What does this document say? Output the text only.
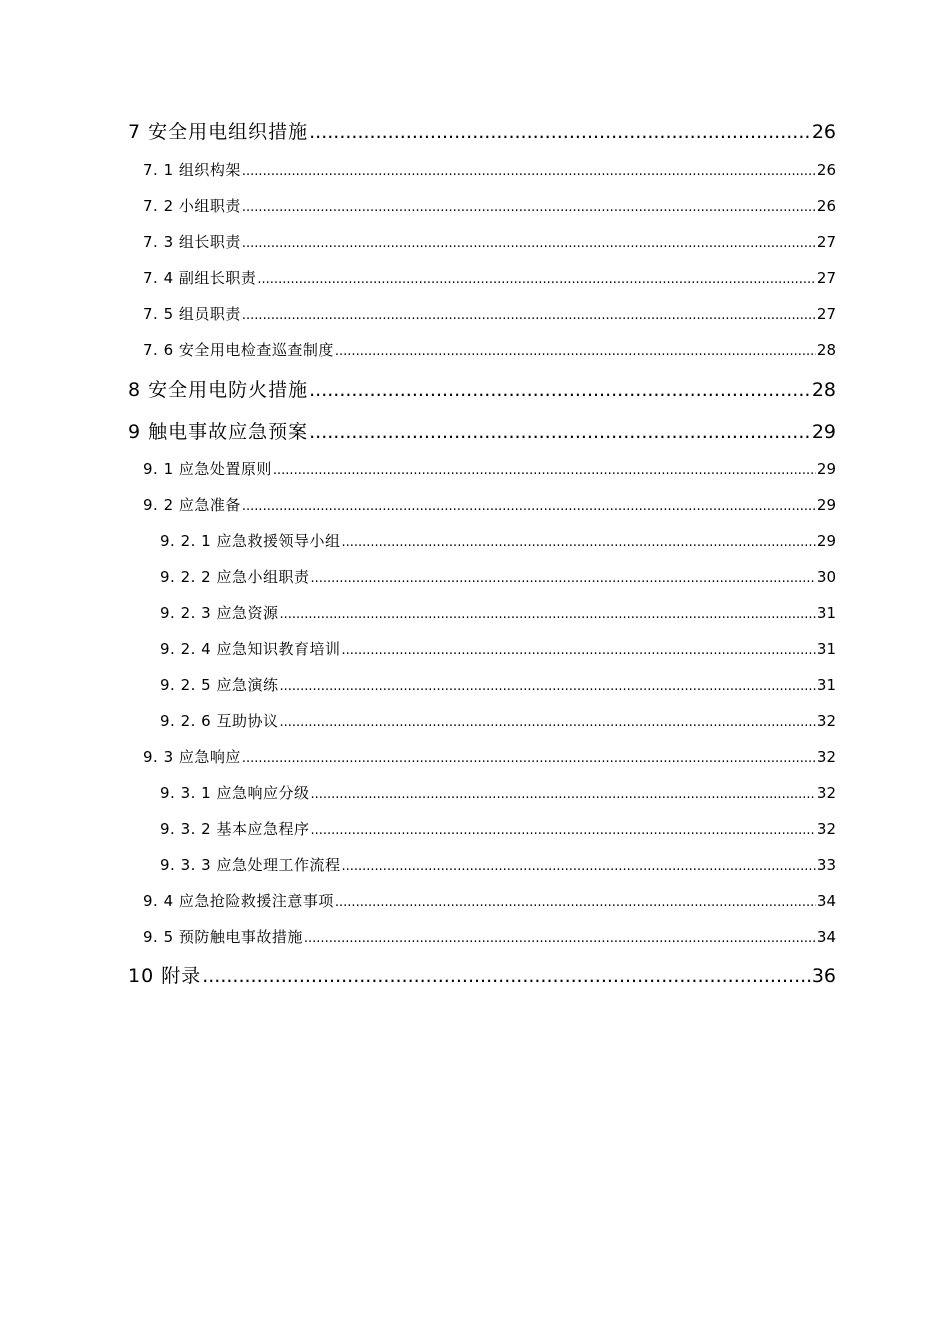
7 安全用电组织措施 .....	26
7. 1 组织构架 .....	26
7. 2 小组职责 .....	26
7. 3 组长职责 .....	27
7. 4 副组长职责 .....	27
7. 5 组员职责 .....	27
7. 6 安全用电检查巡查制度 .....	28
8 安全用电防火措施 .....	28
9 触电事故应急预案 .....	29
9. 1 应急处置原则 .....	29
9. 2 应急准备 .....	29
9. 2. 1 应急救援领导小组 .....	29
9. 2. 2 应急小组职责 .....	30
9. 2. 3 应急资源 .....	31
9. 2. 4 应急知识教育培训 .....	31
9. 2. 5 应急演练 .....	31
9. 2. 6 互助协议 .....	32
9. 3 应急响应 .....	32
9. 3. 1 应急响应分级 .....	32
9. 3. 2 基本应急程序 .....	32
9. 3. 3 应急处理工作流程 .....	33
9. 4 应急抢险救援注意事项 .....	34
9. 5 预防触电事故措施 .....	34
10 附录 .....	36
